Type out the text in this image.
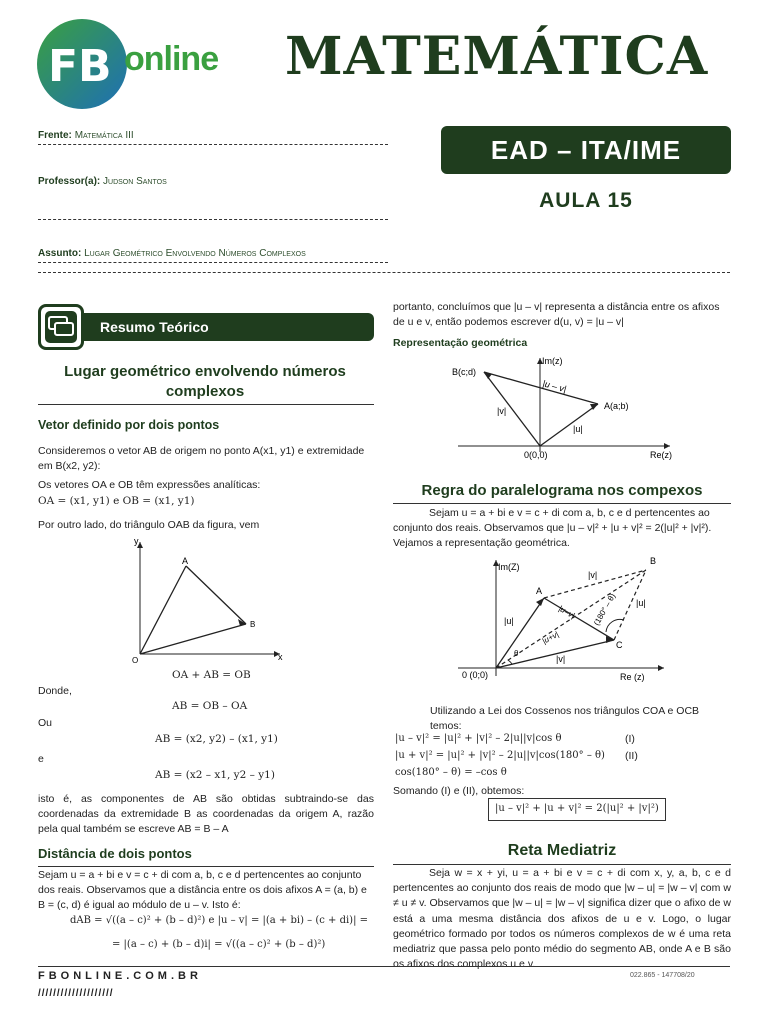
FB online MATEMÁTICA
Frente: Matemática III
Professor(a): Judson Santos
Assunto: Lugar Geométrico Envolvendo Números Complexos
EAD – ITA/IME
AULA 15
Resumo Teórico
Lugar geométrico envolvendo números complexos
Vetor definido por dois pontos
Consideremos o vetor AB de origem no ponto A(x1, y1) e extremidade em B(x2, y2):
Os vetores OA e OB têm expressões analíticas:
OA = (x1, y1) e OB = (x1, y1)
Por outro lado, do triângulo OAB da figura, vem
y
x
O
A
B
OA + AB = OB
Donde,
AB = OB – OA
Ou
AB = (x2, y2) – (x1, y1)
e
AB = (x2 – x1, y2 – y1)
isto é, as componentes de AB são obtidas subtraindo-se das coordenadas da extremidade B as coordenadas da origem A, razão pela qual também se escreve AB = B – A
Distância de dois pontos
Sejam u = a + bi e v = c + di com a, b, c e d pertencentes ao conjunto dos reais. Observamos que a distância entre os dois afixos A = (a, b) e B = (c, d) é igual ao módulo de u – v. Isto é:
dAB = √((a – c)² + (b – d)²) e |u – v| = |(a + bi) – (c + di)| =
= |(a – c) + (b – d)i| = √((a – c)² + (b – d)²)
portanto, concluímos que |u – v| representa a distância entre os afixos de u e v, então podemos escrever d(u, v) = |u – v|
Representação geométrica
Im(z)
Re(z)
0(0,0)
A(a;b)
B(c;d)
|u – v|
|u|
|v|
Regra do paralelograma nos compexos
Sejam u = a + bi e v = c + di com a, b, c e d pertencentes ao conjunto dos reais. Observamos que |u – v|² + |u + v|² = 2(|u|² + |v|²). Vejamos a representação geométrica.
Im(Z)
Re (z)
0 (0;0)
A
B
C
|v|
|v|
|u|
|u|
|u–v|
|u+v|
(180° – θ)
θ
Utilizando a Lei dos Cossenos nos triângulos COA e OCB temos:
|u – v|² = |u|² + |v|² – 2|u||v|cos θ	(I)
|u + v|² = |u|² + |v|² – 2|u||v|cos(180° – θ) (II)
cos(180° – θ) = –cos θ
Somando (I) e (II), obtemos:
|u – v|² + |u + v|² = 2(|u|² + |v|²)
Reta Mediatriz
Seja w = x + yi, u = a + bi e v = c + di com x, y, a, b, c e d pertencentes ao conjunto dos reais de modo que |w – u| = |w – v| com w ≠ u ≠ v. Observamos que |w – u| = |w – v| significa dizer que o afixo de w está a uma mesma distância dos afixos de u e v. Logo, o lugar geométrico formado por todos os números complexos de w é uma reta mediatriz que passa pelo ponto médio do segmento AB, onde A e B são os afixos dos complexos u e v.
FBONLINE.COM.BR
////////////////////
022.865 - 147708/20
